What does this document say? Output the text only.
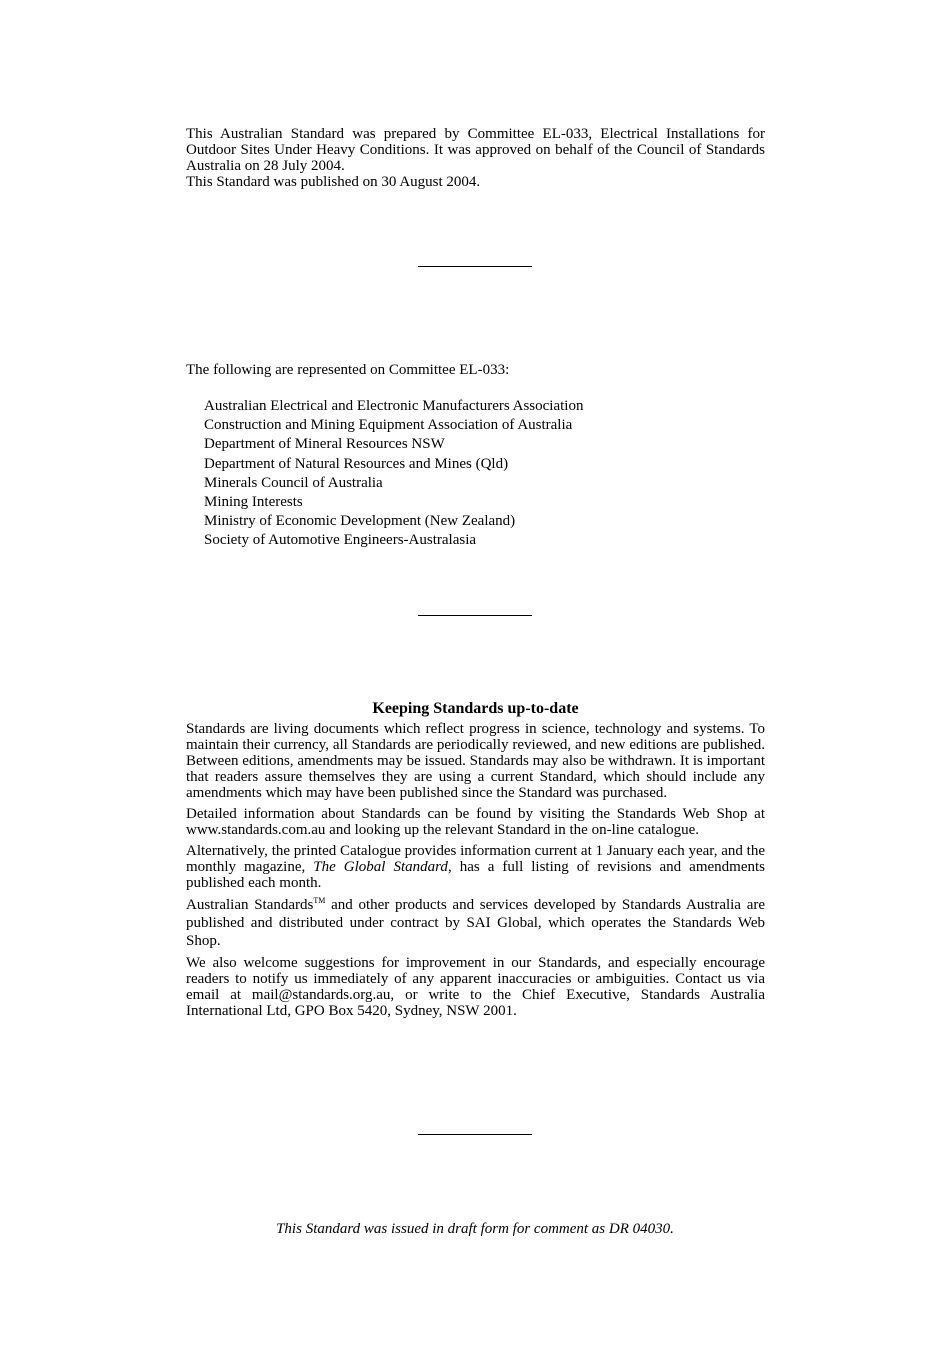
This Australian Standard was prepared by Committee EL-033, Electrical Installations for Outdoor Sites Under Heavy Conditions. It was approved on behalf of the Council of Standards Australia on 28 July 2004.

This Standard was published on 30 August 2004.

The following are represented on Committee EL-033:

Australian Electrical and Electronic Manufacturers Association
Construction and Mining Equipment Association of Australia
Department of Mineral Resources NSW
Department of Natural Resources and Mines (Qld)
Minerals Council of Australia
Mining Interests
Ministry of Economic Development (New Zealand)
Society of Automotive Engineers-Australasia

Keeping Standards up-to-date

Standards are living documents which reflect progress in science, technology and systems. To maintain their currency, all Standards are periodically reviewed, and new editions are published. Between editions, amendments may be issued. Standards may also be withdrawn. It is important that readers assure themselves they are using a current Standard, which should include any amendments which may have been published since the Standard was purchased.

Detailed information about Standards can be found by visiting the Standards Web Shop at www.standards.com.au and looking up the relevant Standard in the on-line catalogue.

Alternatively, the printed Catalogue provides information current at 1 January each year, and the monthly magazine, The Global Standard, has a full listing of revisions and amendments published each month.

Australian Standards™ and other products and services developed by Standards Australia are published and distributed under contract by SAI Global, which operates the Standards Web Shop.

We also welcome suggestions for improvement in our Standards, and especially encourage readers to notify us immediately of any apparent inaccuracies or ambiguities. Contact us via email at mail@standards.org.au, or write to the Chief Executive, Standards Australia International Ltd, GPO Box 5420, Sydney, NSW 2001.

This Standard was issued in draft form for comment as DR 04030.
